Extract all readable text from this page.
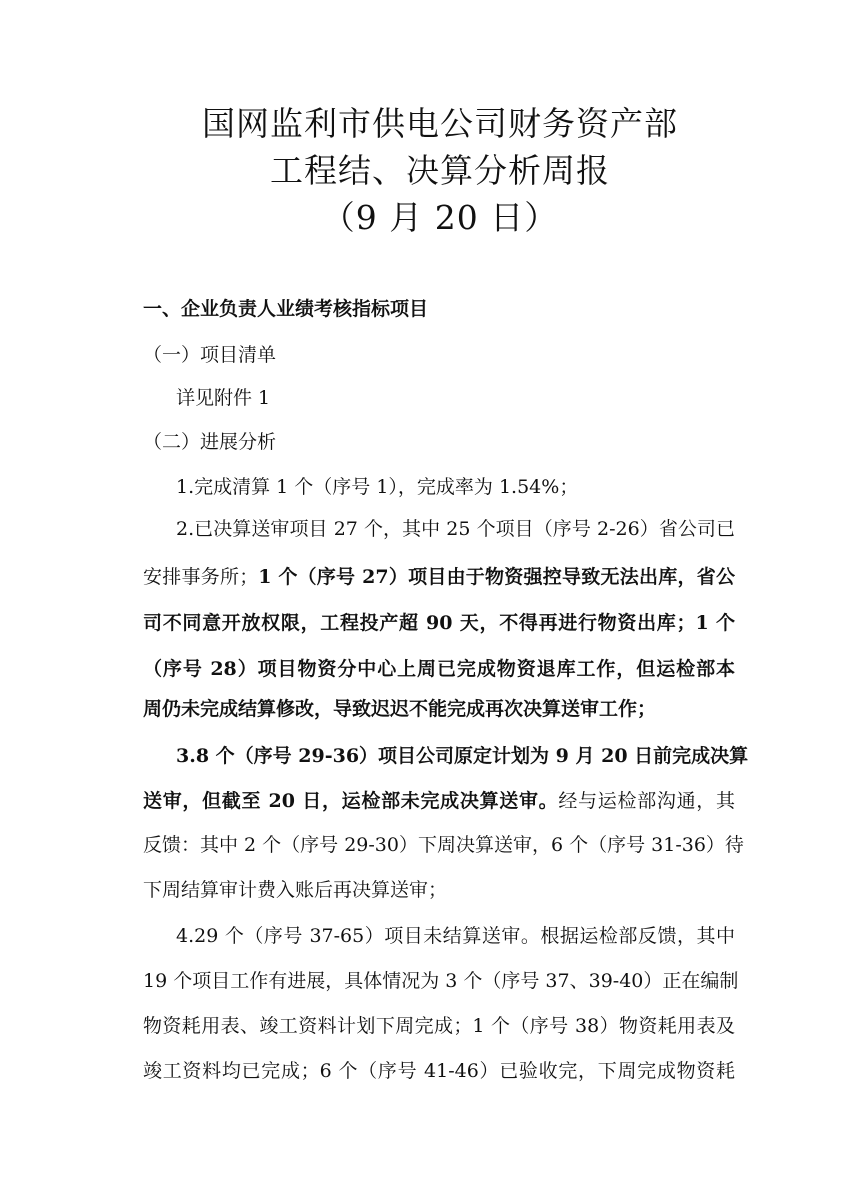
国网监利市供电公司财务资产部
工程结、决算分析周报
（9 月 20 日）
一、企业负责人业绩考核指标项目
（一）项目清单
详见附件 1
（二）进展分析
1.完成清算 1 个（序号 1），完成率为 1.54%；
2.已决算送审项目 27 个，其中 25 个项目（序号 2-26）省公司已
安排事务所；1 个（序号 27）项目由于物资强控导致无法出库，省公
司不同意开放权限，工程投产超 90 天，不得再进行物资出库；1 个
（序号 28）项目物资分中心上周已完成物资退库工作，但运检部本
周仍未完成结算修改，导致迟迟不能完成再次决算送审工作；
3.8 个（序号 29-36）项目公司原定计划为 9 月 20 日前完成决算
送审，但截至 20 日，运检部未完成决算送审。经与运检部沟通，其
反馈：其中 2 个（序号 29-30）下周决算送审，6 个（序号 31-36）待
下周结算审计费入账后再决算送审；
4.29 个（序号 37-65）项目未结算送审。根据运检部反馈，其中
19 个项目工作有进展，具体情况为 3 个（序号 37、39-40）正在编制
物资耗用表、竣工资料计划下周完成；1 个（序号 38）物资耗用表及
竣工资料均已完成；6 个（序号 41-46）已验收完，下周完成物资耗
